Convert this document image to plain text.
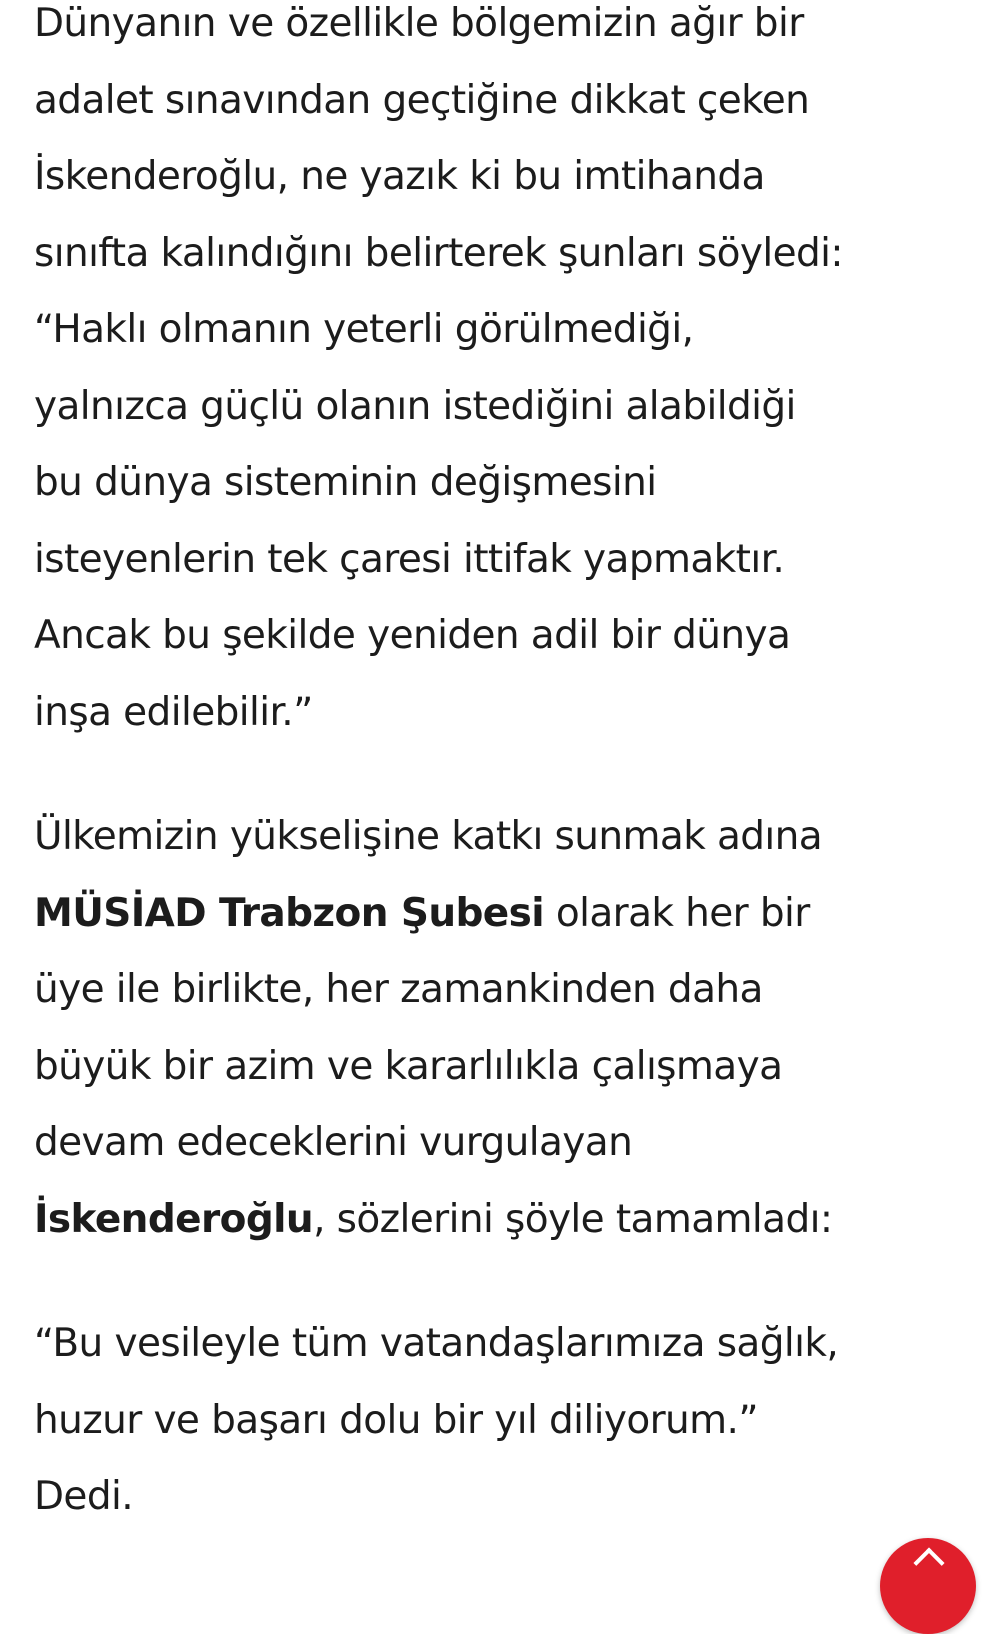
Dünyanın ve özellikle bölgemizin ağır bir
adalet sınavından geçtiğine dikkat çeken
İskenderoğlu, ne yazık ki bu imtihanda
sınıfta kalındığını belirterek şunları söyledi:
“Haklı olmanın yeterli görülmediği,
yalnızca güçlü olanın istediğini alabildiği
bu dünya sisteminin değişmesini
isteyenlerin tek çaresi ittifak yapmaktır.
Ancak bu şekilde yeniden adil bir dünya
inşa edilebilir.”

Ülkemizin yükselişine katkı sunmak adına
MÜSİAD Trabzon Şubesi olarak her bir
üye ile birlikte, her zamankinden daha
büyük bir azim ve kararlılıkla çalışmaya
devam edeceklerini vurgulayan
İskenderoğlu, sözlerini şöyle tamamladı:

“Bu vesileyle tüm vatandaşlarımıza sağlık,
huzur ve başarı dolu bir yıl diliyorum.”
Dedi.
